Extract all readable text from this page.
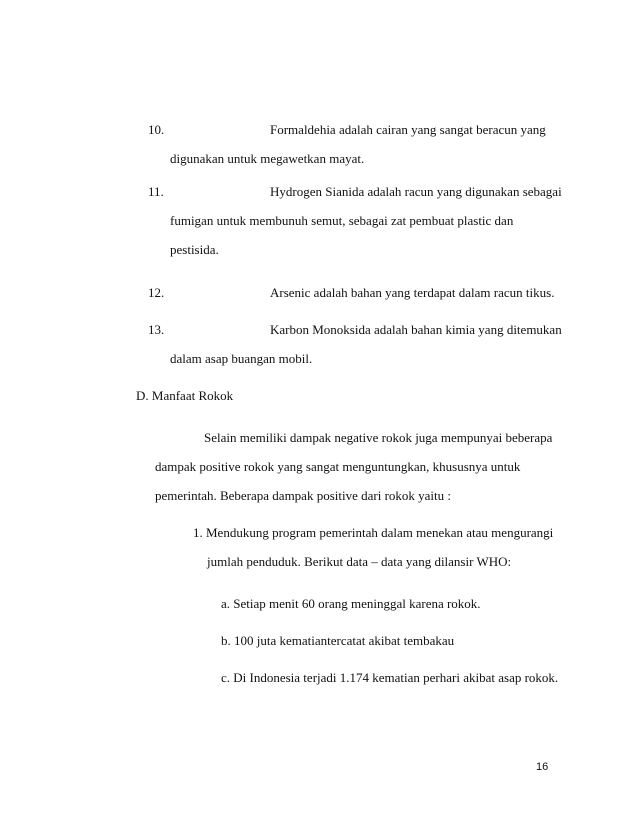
10.	Formaldehia adalah cairan yang sangat beracun yang
digunakan untuk megawetkan mayat.
11.	Hydrogen Sianida adalah racun yang digunakan sebagai
fumigan untuk membunuh semut, sebagai zat pembuat plastic dan
pestisida.
12.	Arsenic adalah bahan yang terdapat dalam racun tikus.
13.	Karbon Monoksida adalah bahan kimia yang ditemukan
dalam asap buangan mobil.
D. Manfaat Rokok
Selain memiliki dampak negative rokok juga mempunyai beberapa
dampak positive rokok yang sangat menguntungkan, khususnya untuk
pemerintah. Beberapa dampak positive dari rokok yaitu :
1. Mendukung program pemerintah dalam menekan atau mengurangi
jumlah penduduk. Berikut data – data yang dilansir WHO:
a. Setiap menit 60 orang meninggal karena rokok.
b. 100 juta kematiantercatat akibat tembakau
c. Di Indonesia terjadi 1.174 kematian perhari akibat asap rokok.
16
